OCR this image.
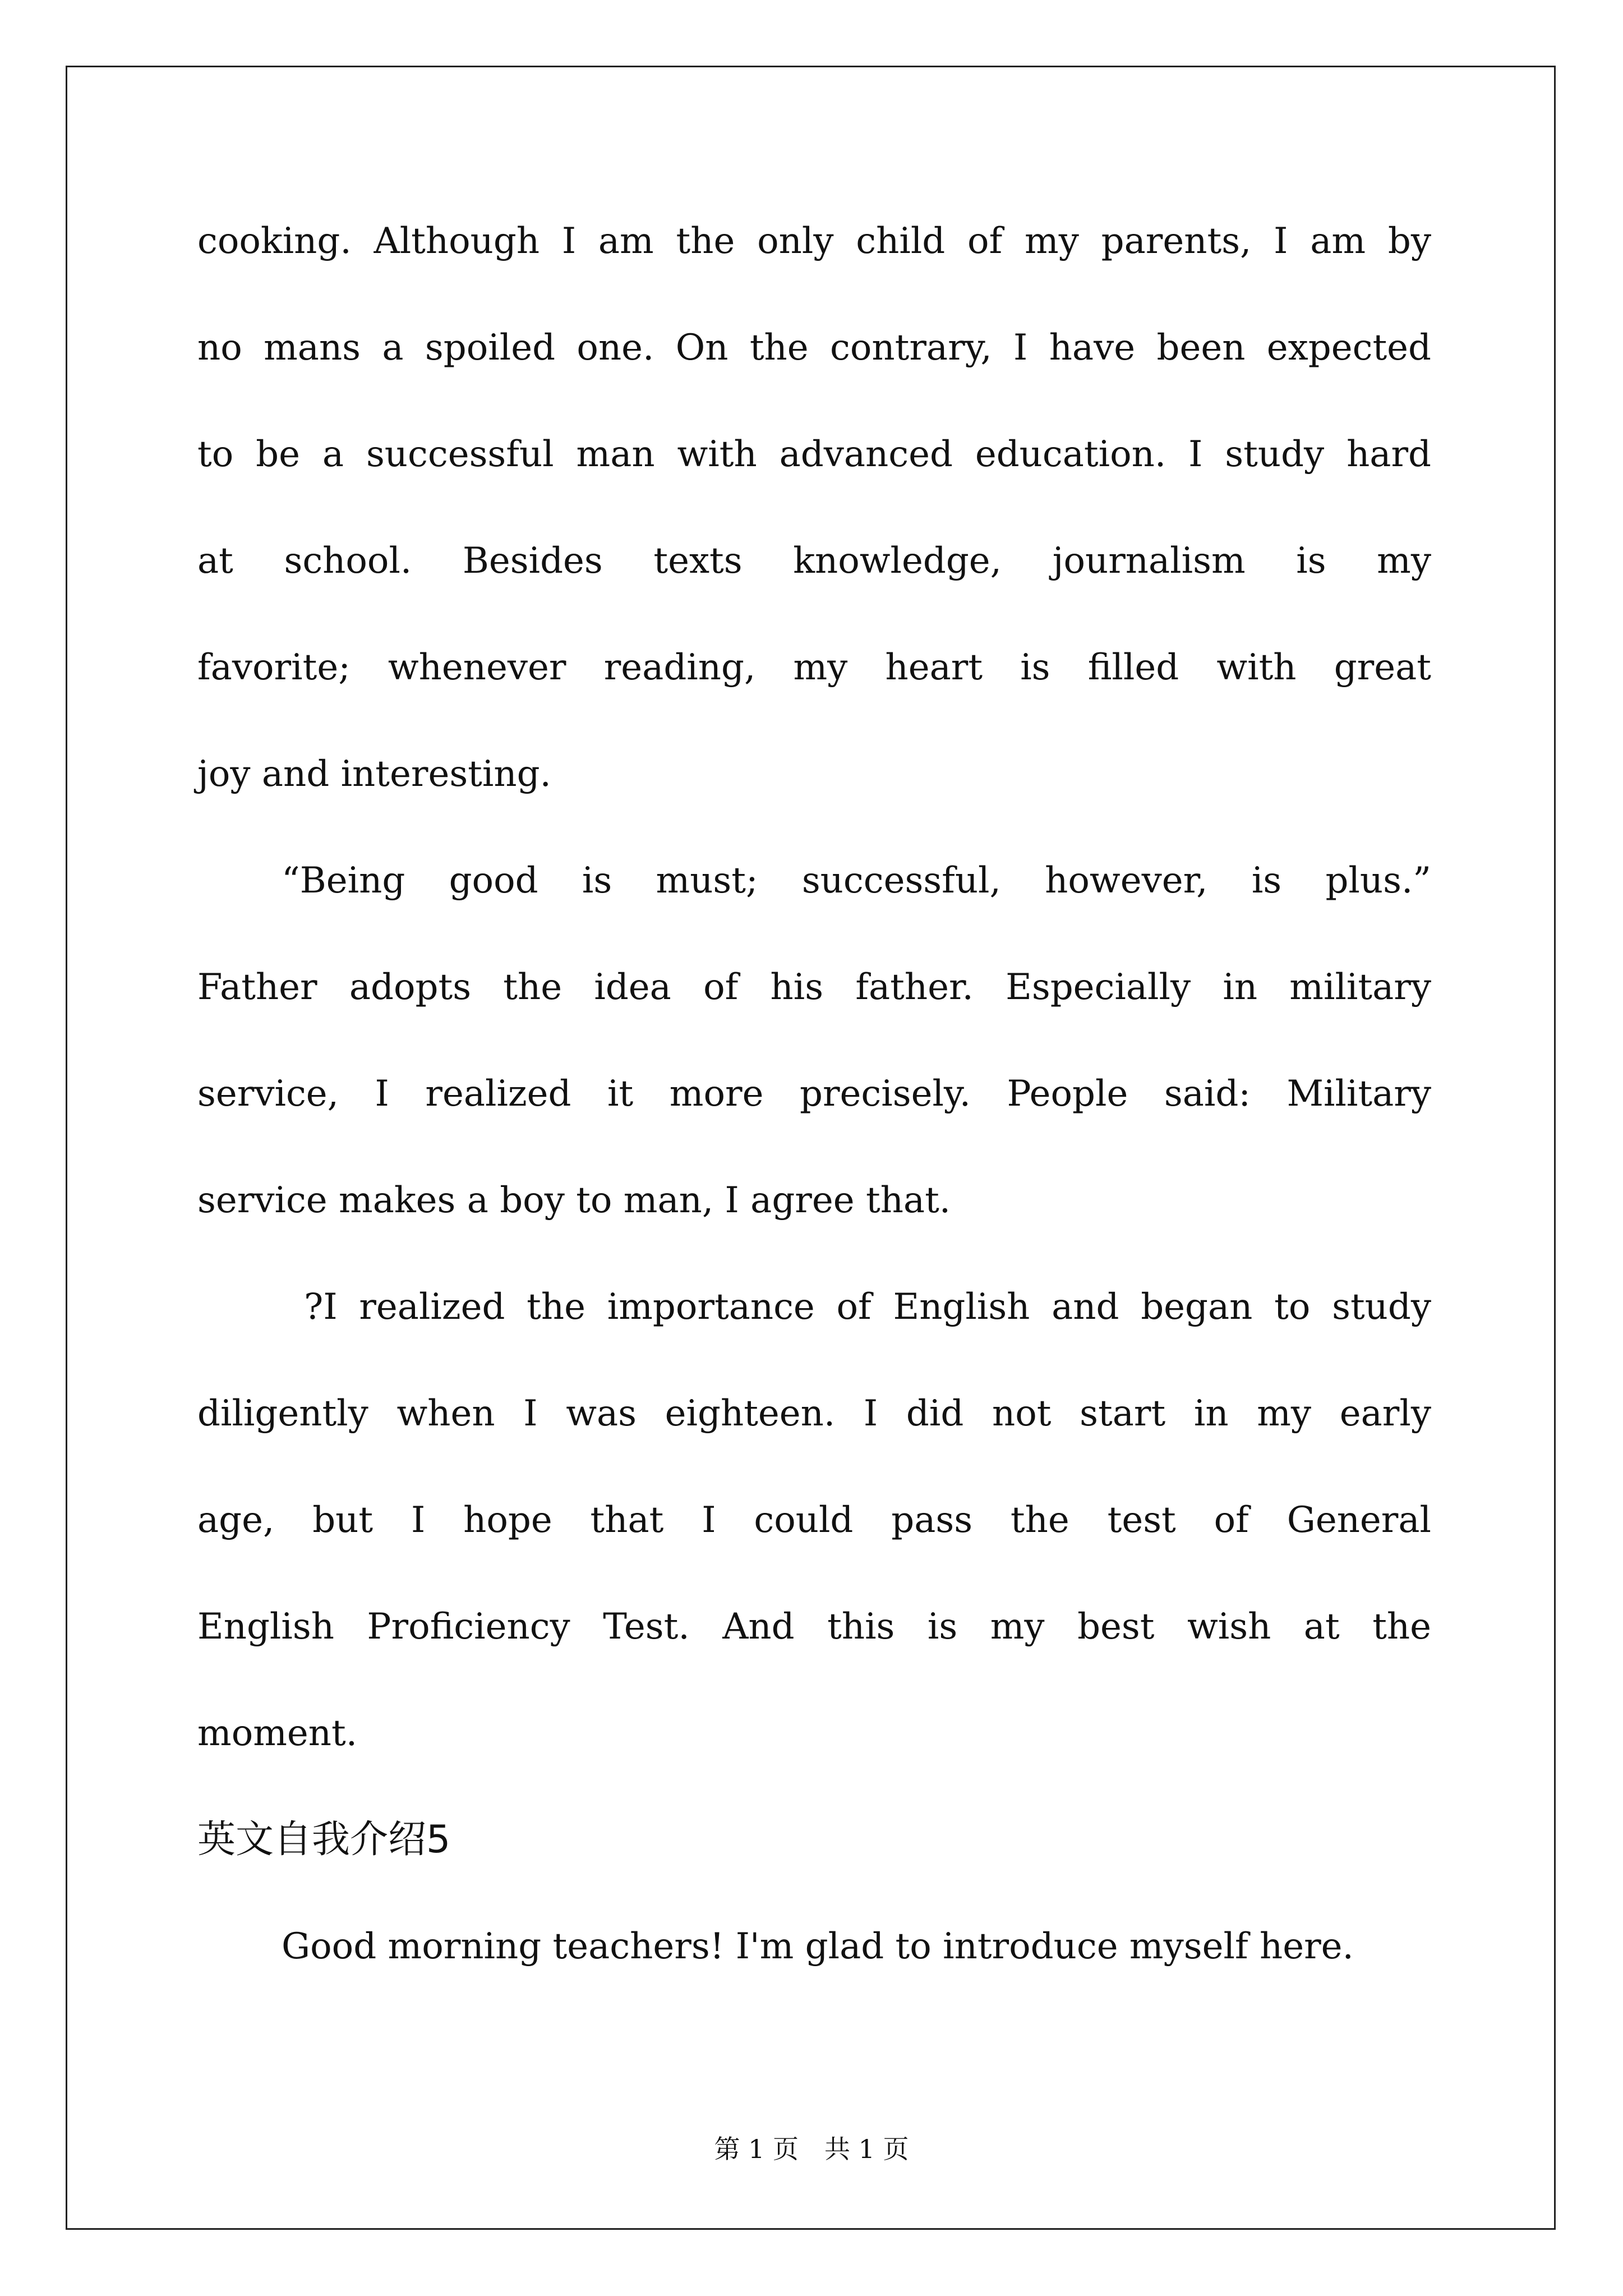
cooking. Although I am the only child of my parents, I am by
no mans a spoiled one. On the contrary, I have been expected
to be a successful man with advanced education. I study hard
at school. Besides texts knowledge, journalism is my
favorite; whenever reading, my heart is filled with great
joy and interesting.
“Being good is must; successful, however, is plus.”
Father adopts the idea of his father. Especially in military
service, I realized it more precisely. People said: Military
service makes a boy to man, I agree that.
?I realized the importance of English and began to study
diligently when I was eighteen. I did not start in my early
age, but I hope that I could pass the test of General
English Proficiency Test. And this is my best wish at the
moment.
英文自我介绍5
Good morning teachers! I'm glad to introduce myself here.
第 1 页　共 1 页
